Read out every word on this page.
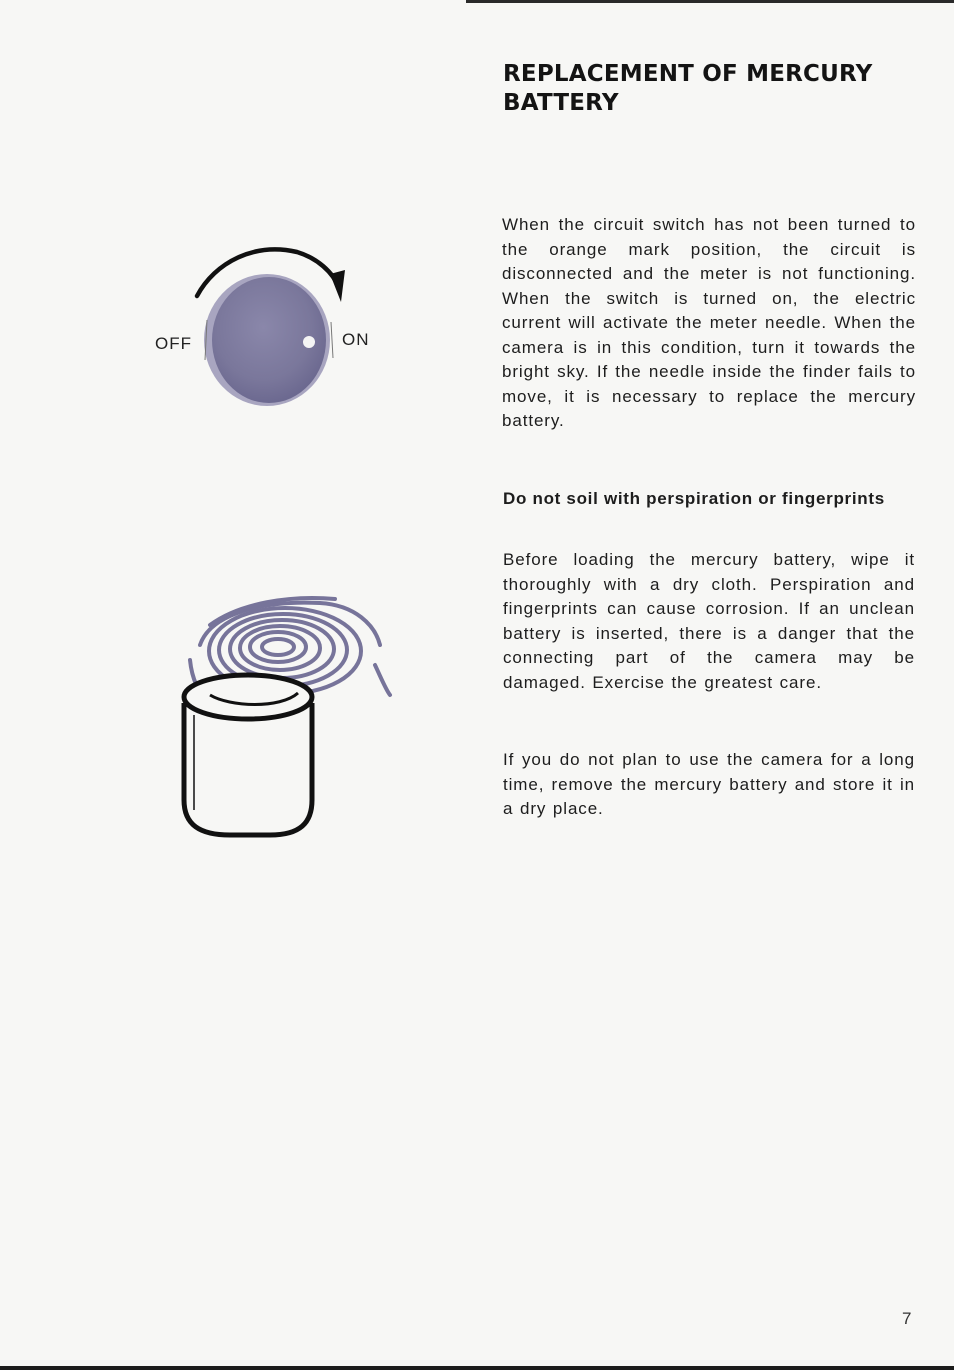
REPLACEMENT OF MERCURY BATTERY
OFF	ON

When the circuit switch has not been turned to the orange mark position, the circuit is disconnected and the meter is not functioning. When the switch is turned on, the electric current will activate the meter needle. When the camera is in this condition, turn it towards the bright sky. If the needle inside the finder fails to move, it is necessary to replace the mercury battery.

Do not soil with perspiration or fingerprints

Before loading the mercury battery, wipe it thoroughly with a dry cloth. Perspiration and fingerprints can cause corrosion. If an unclean battery is inserted, there is a danger that the connecting part of the camera may be damaged. Exercise the greatest care.

If you do not plan to use the camera for a long time, remove the mercury battery and store it in a dry place.

7
